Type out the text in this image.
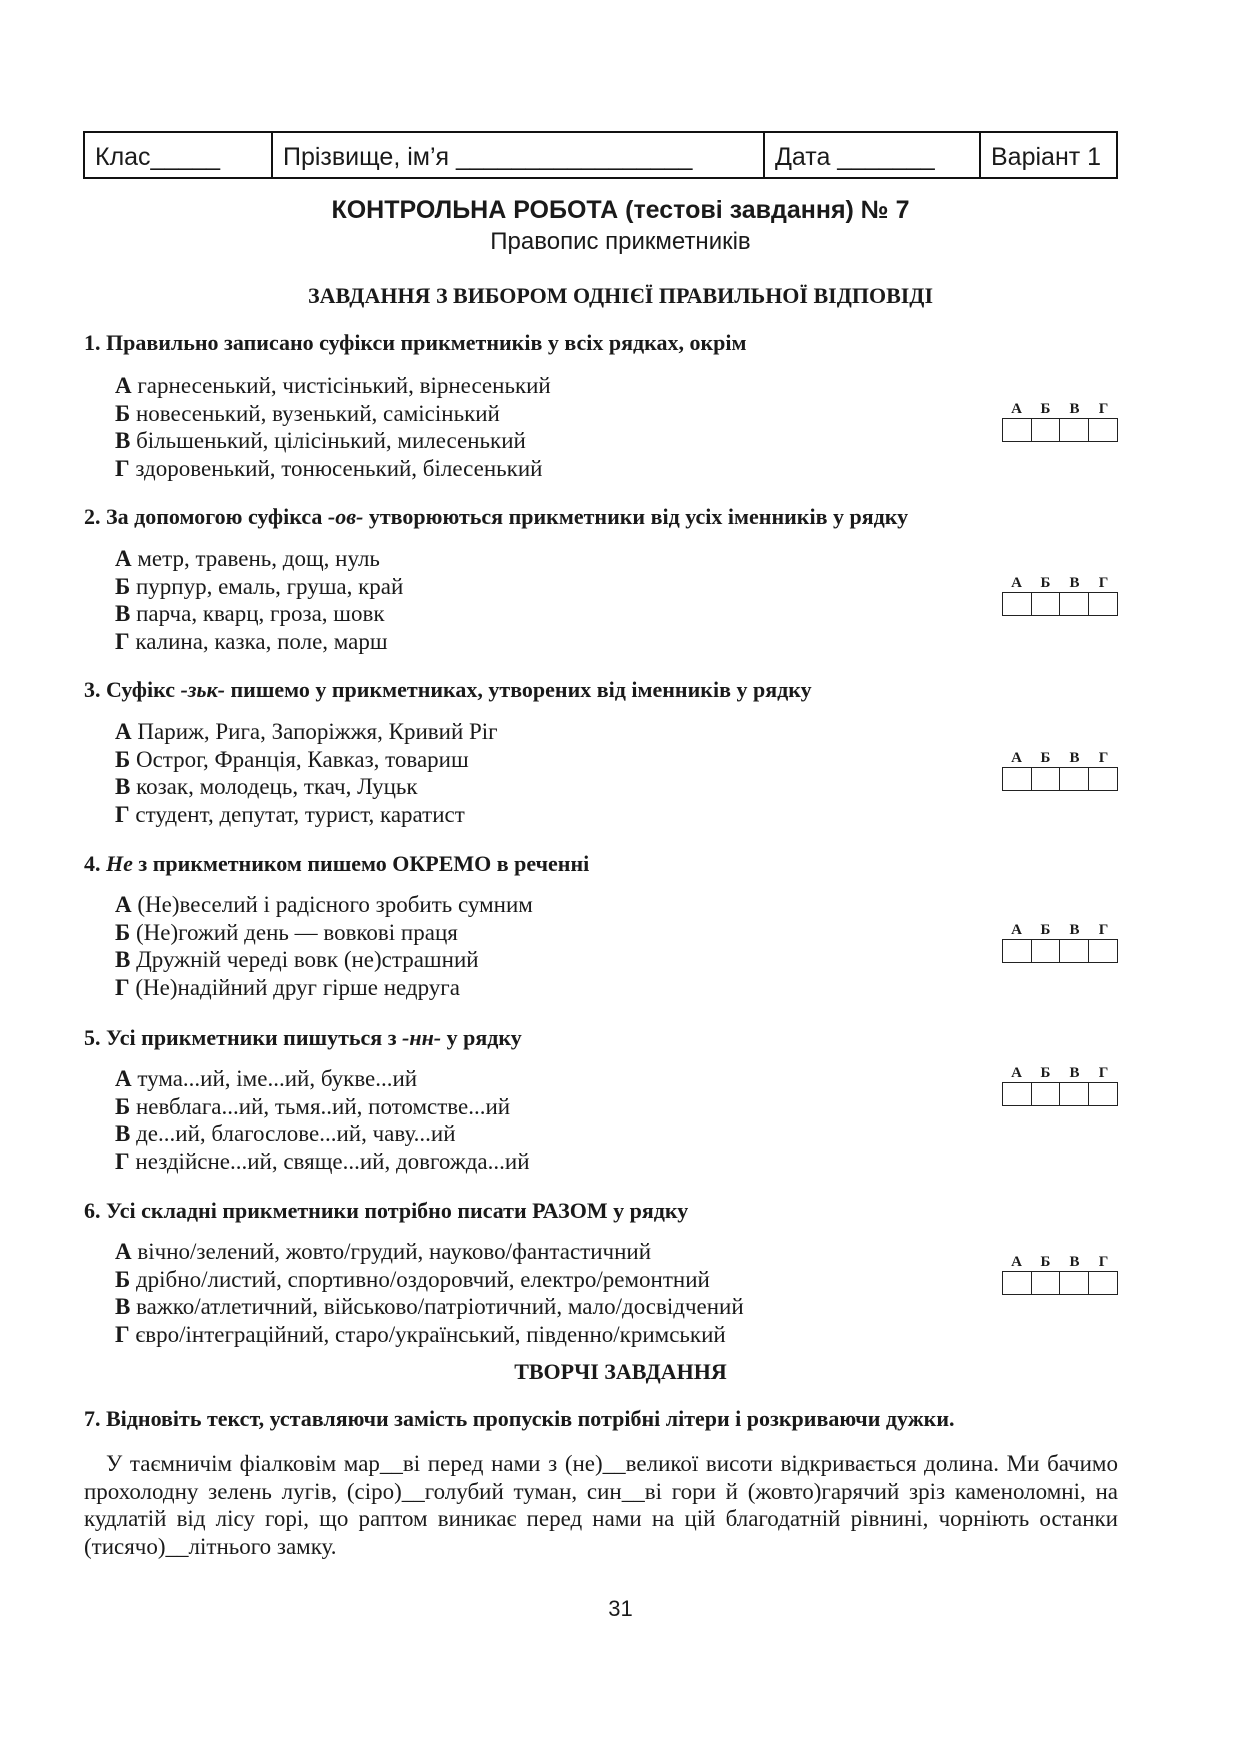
Клас_____	Прізвище, ім’я _________________	Дата _______	Варіант 1
КОНТРОЛЬНА РОБОТА (тестові завдання) № 7
Правопис прикметників
ЗАВДАННЯ З ВИБОРОМ ОДНІЄЇ ПРАВИЛЬНОЇ ВІДПОВІДІ
1. Правильно записано суфікси прикметників у всіх рядках, окрім
А гарнесенький, чистісінький, вірнесенький
Б новесенький, вузенький, самісінький
В більшенький, цілісінький, милесенький
Г здоровенький, тонюсенький, білесенький
А	Б	В	Г
2. За допомогою суфікса -ов- утворюються прикметники від усіх іменників у рядку
А метр, травень, дощ, нуль
Б пурпур, емаль, груша, край
В парча, кварц, гроза, шовк
Г калина, казка, поле, марш
А	Б	В	Г
3. Суфікс -зьк- пишемо у прикметниках, утворених від іменників у рядку
А Париж, Рига, Запоріжжя, Кривий Ріг
Б Острог, Франція, Кавказ, товариш
В козак, молодець, ткач, Луцьк
Г студент, депутат, турист, каратист
А	Б	В	Г
4. Не з прикметником пишемо ОКРЕМО в реченні
А (Не)веселий і радісного зробить сумним
Б (Не)гожий день — вовкові праця
В Дружній череді вовк (не)страшний
Г (Не)надійний друг гірше недруга
А	Б	В	Г
5. Усі прикметники пишуться з -нн- у рядку
А тума...ий, іме...ий, букве...ий
Б невблага...ий, тьмя..ий, потомстве...ий
В де...ий, благослове...ий, чаву...ий
Г нездійсне...ий, свяще...ий, довгожда...ий
А	Б	В	Г
6. Усі складні прикметники потрібно писати РАЗОМ у рядку
А вічно/зелений, жовто/грудий, науково/фантастичний
Б дрібно/листий, спортивно/оздоровчий, електро/ремонтний
В важко/атлетичний, військово/патріотичний, мало/досвідчений
Г євро/інтеграційний, старо/український, південно/кримський
А	Б	В	Г
ТВОРЧІ ЗАВДАННЯ
7. Відновіть текст, уставляючи замість пропусків потрібні літери і розкриваючи дужки.
У таємничім фіалковім мар__ві перед нами з (не)__великої висоти відкривається долина. Ми бачимо прохолодну зелень лугів, (сіро)__голубий туман, син__ві гори й (жовто)гарячий зріз каменоломні, на кудлатій від лісу горі, що раптом виникає перед нами на цій благодатній рівнині, чорніють останки (тисячо)__літнього замку.
31
